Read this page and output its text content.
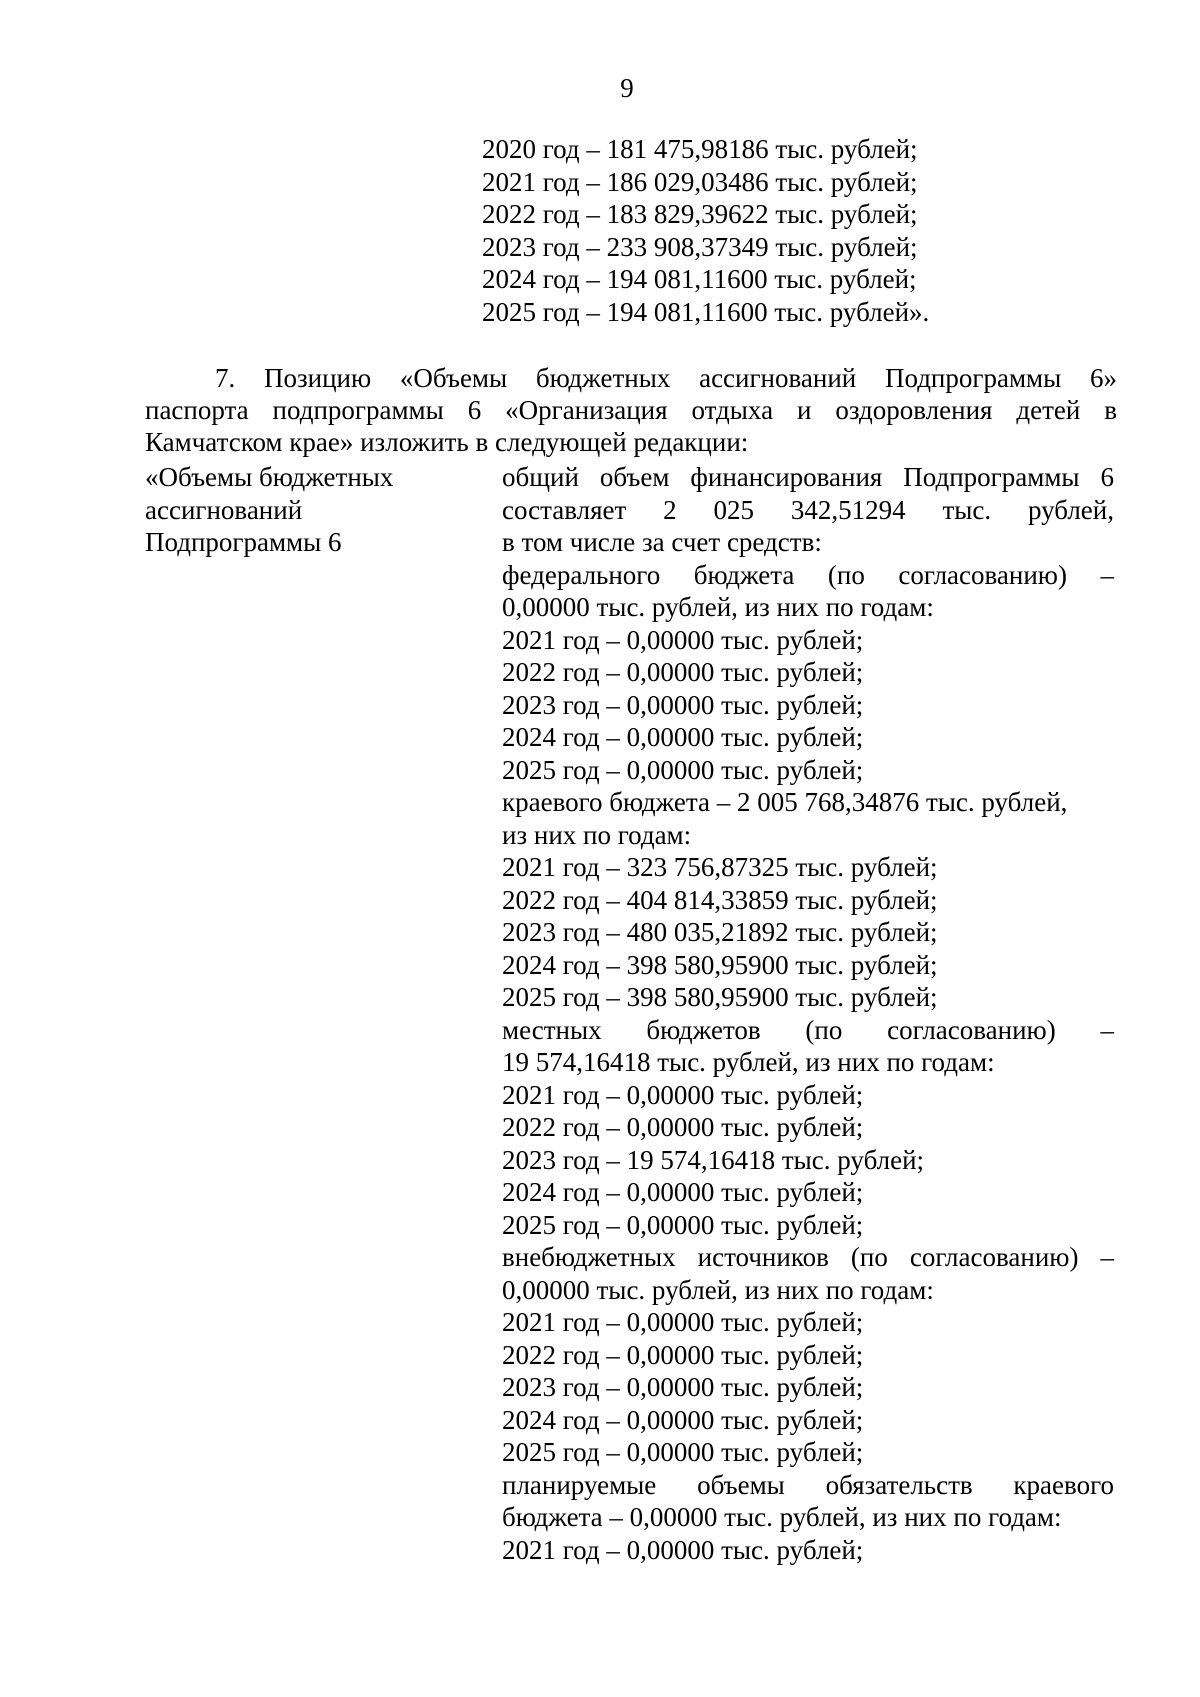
9
2020 год – 181 475,98186 тыс. рублей;
2021 год – 186 029,03486 тыс. рублей;
2022 год – 183 829,39622 тыс. рублей;
2023 год – 233 908,37349 тыс. рублей;
2024 год – 194 081,11600 тыс. рублей;
2025 год – 194 081,11600 тыс. рублей».
7. Позицию «Объемы бюджетных ассигнований Подпрограммы 6»
паспорта подпрограммы 6 «Организация отдыха и оздоровления детей в
Камчатском крае» изложить в следующей редакции:
«Объемы бюджетных
ассигнований
Подпрограммы 6
общий объем финансирования Подпрограммы 6
составляет 2 025 342,51294 тыс. рублей,
в том числе за счет средств:
федерального бюджета (по согласованию) –
0,00000 тыс. рублей, из них по годам:
2021 год – 0,00000 тыс. рублей;
2022 год – 0,00000 тыс. рублей;
2023 год – 0,00000 тыс. рублей;
2024 год – 0,00000 тыс. рублей;
2025 год – 0,00000 тыс. рублей;
краевого бюджета – 2 005 768,34876 тыс. рублей,
из них по годам:
2021 год – 323 756,87325 тыс. рублей;
2022 год – 404 814,33859 тыс. рублей;
2023 год – 480 035,21892 тыс. рублей;
2024 год – 398 580,95900 тыс. рублей;
2025 год – 398 580,95900 тыс. рублей;
местных бюджетов (по согласованию) –
19 574,16418 тыс. рублей, из них по годам:
2021 год – 0,00000 тыс. рублей;
2022 год – 0,00000 тыс. рублей;
2023 год – 19 574,16418 тыс. рублей;
2024 год – 0,00000 тыс. рублей;
2025 год – 0,00000 тыс. рублей;
внебюджетных источников (по согласованию) –
0,00000 тыс. рублей, из них по годам:
2021 год – 0,00000 тыс. рублей;
2022 год – 0,00000 тыс. рублей;
2023 год – 0,00000 тыс. рублей;
2024 год – 0,00000 тыс. рублей;
2025 год – 0,00000 тыс. рублей;
планируемые объемы обязательств краевого
бюджета – 0,00000 тыс. рублей, из них по годам:
2021 год – 0,00000 тыс. рублей;
